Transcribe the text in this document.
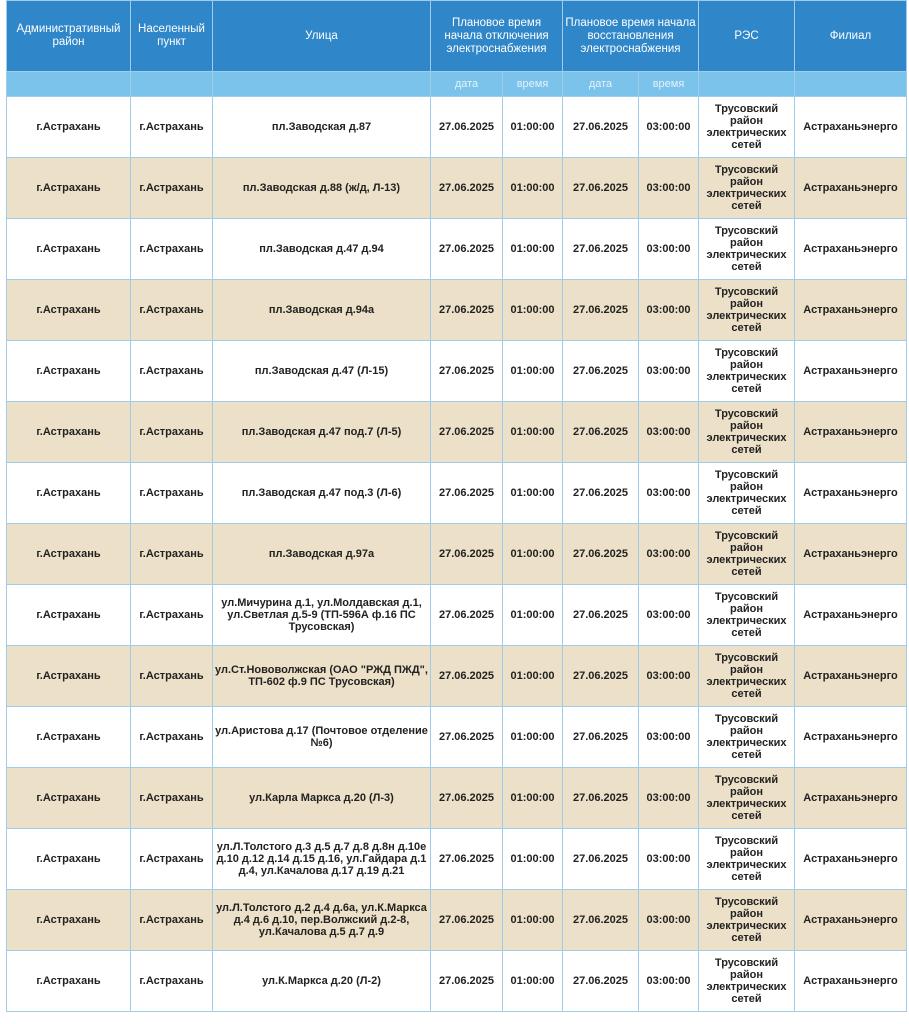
Административный район	Населенный пункт	Улица	Плановое время начала отключения электроснабжения		Плановое время начала восстановления электроснабжения		РЭС	Филиал
			дата	время	дата	время		
г.Астрахань	г.Астрахань	пл.Заводская д.87	27.06.2025	01:00:00	27.06.2025	03:00:00	Трусовский район электрических сетей	Астраханьэнерго
г.Астрахань	г.Астрахань	пл.Заводская д.88 (ж/д, Л-13)	27.06.2025	01:00:00	27.06.2025	03:00:00	Трусовский район электрических сетей	Астраханьэнерго
г.Астрахань	г.Астрахань	пл.Заводская д.47 д.94	27.06.2025	01:00:00	27.06.2025	03:00:00	Трусовский район электрических сетей	Астраханьэнерго
г.Астрахань	г.Астрахань	пл.Заводская д.94а	27.06.2025	01:00:00	27.06.2025	03:00:00	Трусовский район электрических сетей	Астраханьэнерго
г.Астрахань	г.Астрахань	пл.Заводская д.47 (Л-15)	27.06.2025	01:00:00	27.06.2025	03:00:00	Трусовский район электрических сетей	Астраханьэнерго
г.Астрахань	г.Астрахань	пл.Заводская д.47 под.7 (Л-5)	27.06.2025	01:00:00	27.06.2025	03:00:00	Трусовский район электрических сетей	Астраханьэнерго
г.Астрахань	г.Астрахань	пл.Заводская д.47 под.3 (Л-6)	27.06.2025	01:00:00	27.06.2025	03:00:00	Трусовский район электрических сетей	Астраханьэнерго
г.Астрахань	г.Астрахань	пл.Заводская д.97а	27.06.2025	01:00:00	27.06.2025	03:00:00	Трусовский район электрических сетей	Астраханьэнерго
г.Астрахань	г.Астрахань	ул.Мичурина д.1, ул.Молдавская д.1, ул.Светлая д.5-9 (ТП-596А ф.16 ПС Трусовская)	27.06.2025	01:00:00	27.06.2025	03:00:00	Трусовский район электрических сетей	Астраханьэнерго
г.Астрахань	г.Астрахань	ул.Ст.Нововолжская (ОАО "РЖД ПЖД", ТП-602 ф.9 ПС Трусовская)	27.06.2025	01:00:00	27.06.2025	03:00:00	Трусовский район электрических сетей	Астраханьэнерго
г.Астрахань	г.Астрахань	ул.Аристова д.17 (Почтовое отделение №6)	27.06.2025	01:00:00	27.06.2025	03:00:00	Трусовский район электрических сетей	Астраханьэнерго
г.Астрахань	г.Астрахань	ул.Карла Маркса д.20 (Л-3)	27.06.2025	01:00:00	27.06.2025	03:00:00	Трусовский район электрических сетей	Астраханьэнерго
г.Астрахань	г.Астрахань	ул.Л.Толстого д.3 д.5 д.7 д.8 д.8н д.10е д.10 д.12 д.14 д.15 д.16, ул.Гайдара д.1 д.4, ул.Качалова д.17 д.19 д.21	27.06.2025	01:00:00	27.06.2025	03:00:00	Трусовский район электрических сетей	Астраханьэнерго
г.Астрахань	г.Астрахань	ул.Л.Толстого д.2 д.4 д.6а, ул.К.Маркса д.4 д.6 д.10, пер.Волжский д.2-8, ул.Качалова д.5 д.7 д.9	27.06.2025	01:00:00	27.06.2025	03:00:00	Трусовский район электрических сетей	Астраханьэнерго
г.Астрахань	г.Астрахань	ул.К.Маркса д.20 (Л-2)	27.06.2025	01:00:00	27.06.2025	03:00:00	Трусовский район электрических сетей	Астраханьэнерго
